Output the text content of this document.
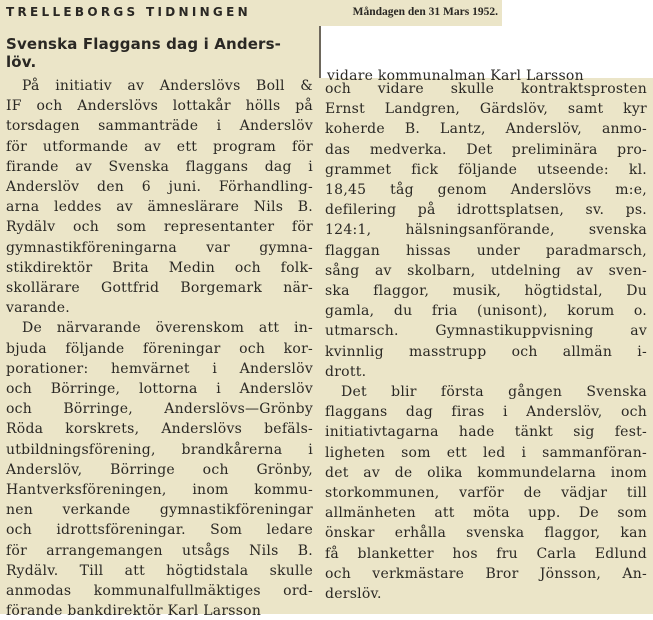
TRELLEBORGS TIDNINGEN	Måndagen den 31 Mars 1952.
Svenska Flaggans dag i Anders-
löv.
På initiativ av Anderslövs Boll &
IF och Anderslövs lottakår hölls på
torsdagen sammanträde i Anderslöv
för utformande av ett program för
firande av Svenska flaggans dag i
Anderslöv den 6 juni. Förhandling-
arna leddes av ämneslärare Nils B.
Rydälv och som representanter för
gymnastikföreningarna var gymna-
stikdirektör Brita Medin och folk-
skollärare Gottfrid Borgemark när-
varande.
De närvarande överenskom att in-
bjuda följande föreningar och kor-
porationer: hemvärnet i Anderslöv
och Börringe, lottorna i Anderslöv
och Börringe, Anderslövs—Grönby
Röda korskrets, Anderslövs befäls-
utbildningsförening, brandkårerna i
Anderslöv, Börringe och Grönby,
Hantverksföreningen, inom kommu-
nen verkande gymnastikföreningar
och idrottsföreningar. Som ledare
för arrangemangen utsågs Nils B.
Rydälv. Till att högtidstala skulle
anmodas kommunalfullmäktiges ord-
förande bankdirektör Karl Larsson
vidare kommunalman Karl Larsson
och vidare skulle kontraktsprosten
Ernst Landgren, Gärdslöv, samt kyr
koherde B. Lantz, Anderslöv, anmo-
das medverka. Det preliminära pro-
grammet fick följande utseende: kl.
18,45 tåg genom Anderslövs m:e,
defilering på idrottsplatsen, sv. ps.
124:1, hälsningsanförande, svenska
flaggan hissas under paradmarsch,
sång av skolbarn, utdelning av sven-
ska flaggor, musik, högtidstal, Du
gamla, du fria (unisont), korum o.
utmarsch. Gymnastikuppvisning av
kvinnlig masstrupp och allmän i-
drott.
Det blir första gången Svenska
flaggans dag firas i Anderslöv, och
initiativtagarna hade tänkt sig fest-
ligheten som ett led i sammanföran-
det av de olika kommundelarna inom
storkommunen, varför de vädjar till
allmänheten att möta upp. De som
önskar erhålla svenska flaggor, kan
få blanketter hos fru Carla Edlund
och verkmästare Bror Jönsson, An-
derslöv.
